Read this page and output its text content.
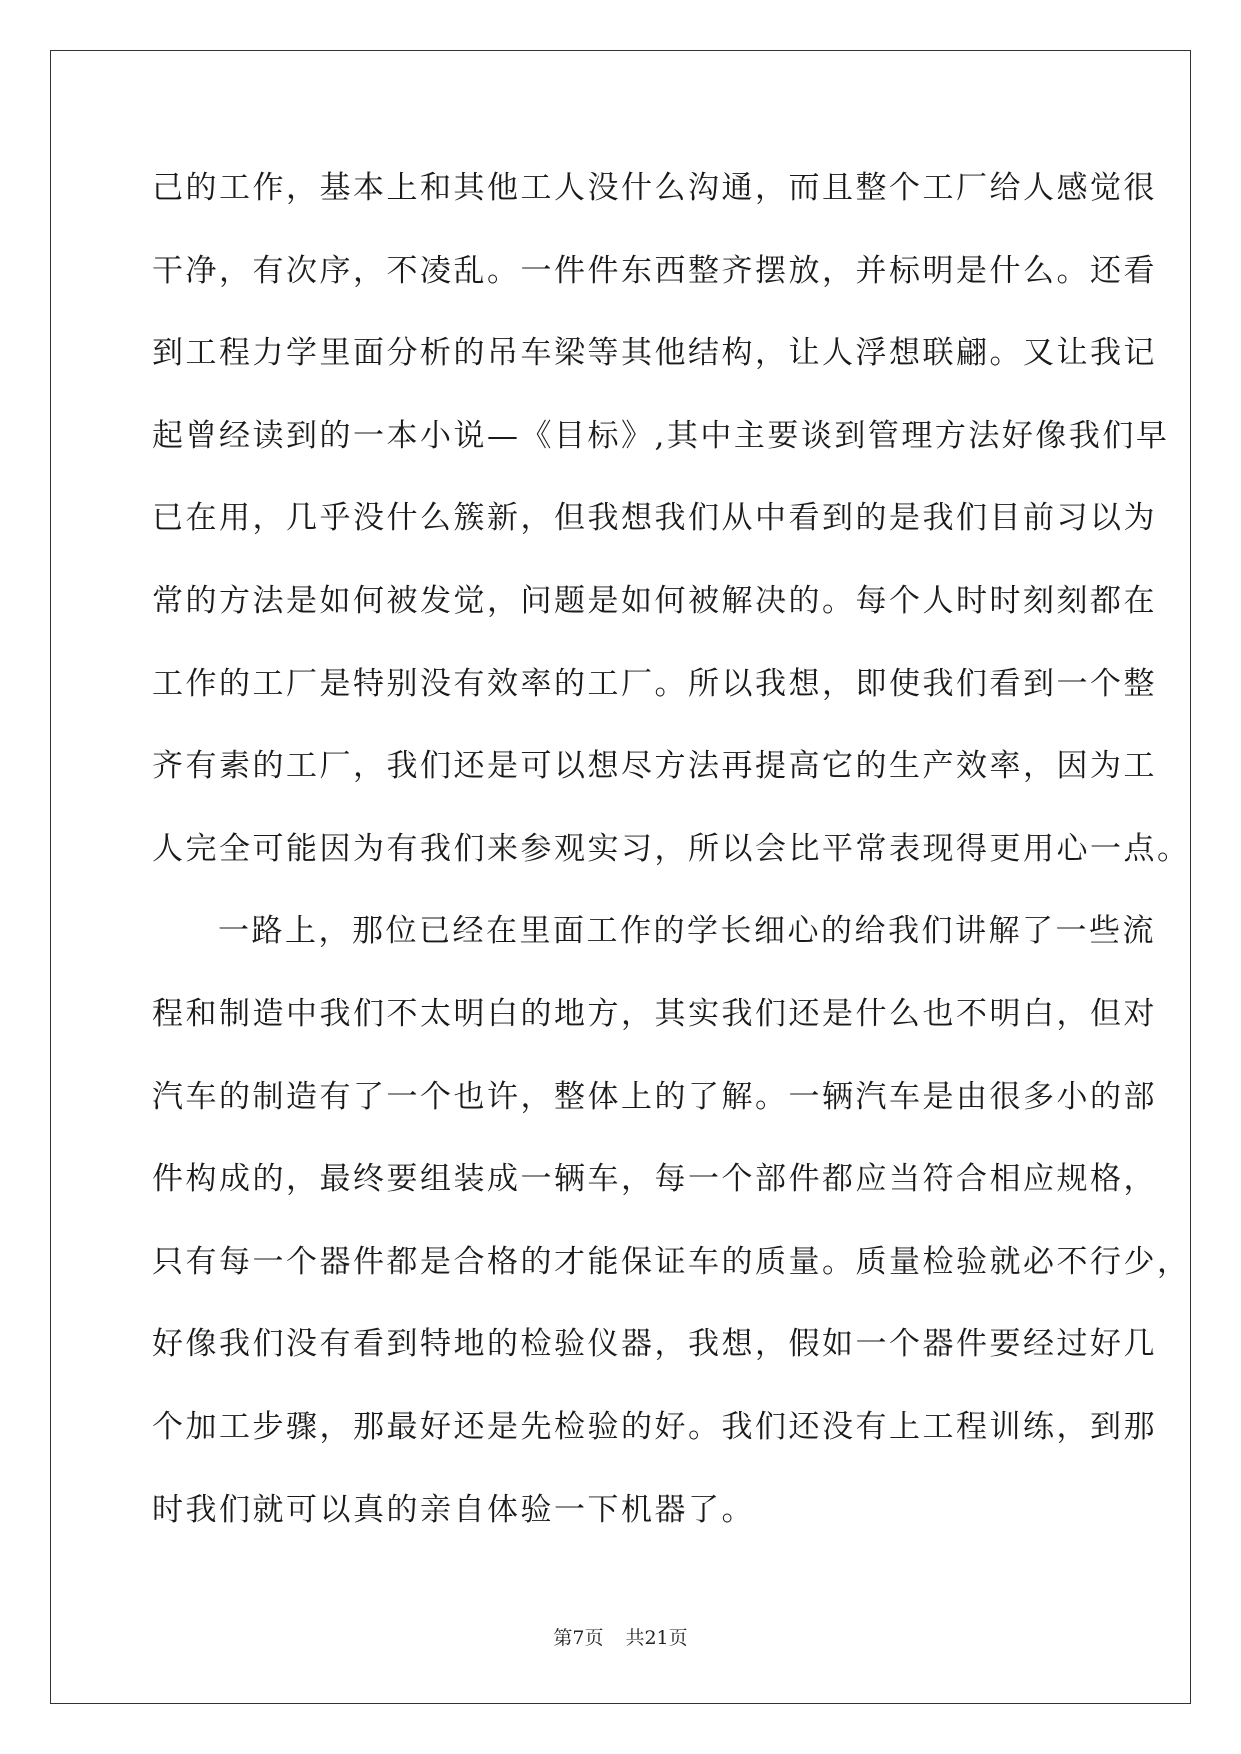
己的工作，基本上和其他工人没什么沟通，而且整个工厂给人感觉很
干净，有次序，不凌乱。一件件东西整齐摆放，并标明是什么。还看
到工程力学里面分析的吊车梁等其他结构，让人浮想联翩。又让我记
起曾经读到的一本小说—《目标》,其中主要谈到管理方法好像我们早
已在用，几乎没什么簇新，但我想我们从中看到的是我们目前习以为
常的方法是如何被发觉，问题是如何被解决的。每个人时时刻刻都在
工作的工厂是特别没有效率的工厂。所以我想，即使我们看到一个整
齐有素的工厂，我们还是可以想尽方法再提高它的生产效率，因为工
人完全可能因为有我们来参观实习，所以会比平常表现得更用心一点。
一路上，那位已经在里面工作的学长细心的给我们讲解了一些流
程和制造中我们不太明白的地方，其实我们还是什么也不明白，但对
汽车的制造有了一个也许，整体上的了解。一辆汽车是由很多小的部
件构成的，最终要组装成一辆车，每一个部件都应当符合相应规格，
只有每一个器件都是合格的才能保证车的质量。质量检验就必不行少，
好像我们没有看到特地的检验仪器，我想，假如一个器件要经过好几
个加工步骤，那最好还是先检验的好。我们还没有上工程训练，到那
时我们就可以真的亲自体验一下机器了。
第7页 共21页
